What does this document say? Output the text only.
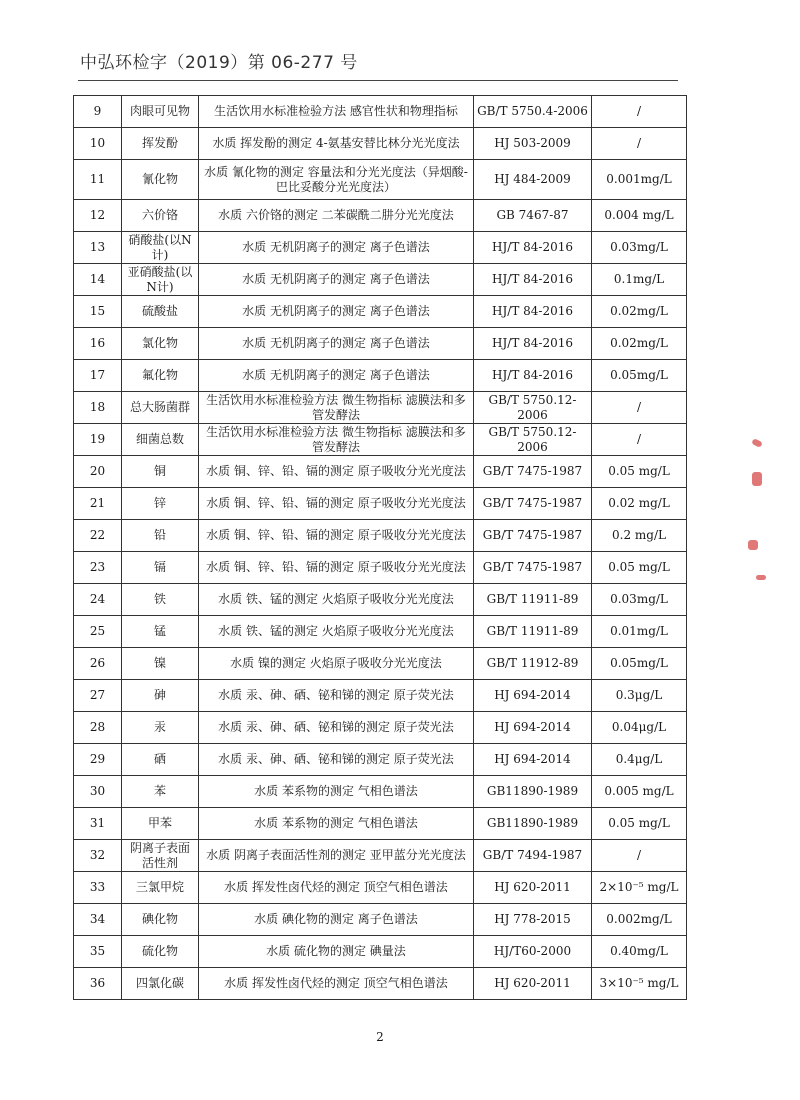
中弘环检字（2019）第 06-277 号
9	肉眼可见物	生活饮用水标准检验方法 感官性状和物理指标	GB/T 5750.4-2006	/
10	挥发酚	水质 挥发酚的测定 4-氨基安替比林分光光度法	HJ 503-2009	/
11	氰化物	水质 氰化物的测定 容量法和分光光度法（异烟酸-巴比妥酸分光光度法）	HJ 484-2009	0.001mg/L
12	六价铬	水质 六价铬的测定 二苯碳酰二肼分光光度法	GB 7467-87	0.004 mg/L
13	硝酸盐(以N计)	水质 无机阴离子的测定 离子色谱法	HJ/T 84-2016	0.03mg/L
14	亚硝酸盐(以N计)	水质 无机阴离子的测定 离子色谱法	HJ/T 84-2016	0.1mg/L
15	硫酸盐	水质 无机阴离子的测定 离子色谱法	HJ/T 84-2016	0.02mg/L
16	氯化物	水质 无机阴离子的测定 离子色谱法	HJ/T 84-2016	0.02mg/L
17	氟化物	水质 无机阴离子的测定 离子色谱法	HJ/T 84-2016	0.05mg/L
18	总大肠菌群	生活饮用水标准检验方法 微生物指标 滤膜法和多管发酵法	GB/T 5750.12-2006	/
19	细菌总数	生活饮用水标准检验方法 微生物指标 滤膜法和多管发酵法	GB/T 5750.12-2006	/
20	铜	水质 铜、锌、铅、镉的测定 原子吸收分光光度法	GB/T 7475-1987	0.05 mg/L
21	锌	水质 铜、锌、铅、镉的测定 原子吸收分光光度法	GB/T 7475-1987	0.02 mg/L
22	铅	水质 铜、锌、铅、镉的测定 原子吸收分光光度法	GB/T 7475-1987	0.2 mg/L
23	镉	水质 铜、锌、铅、镉的测定 原子吸收分光光度法	GB/T 7475-1987	0.05 mg/L
24	铁	水质 铁、锰的测定 火焰原子吸收分光光度法	GB/T 11911-89	0.03mg/L
25	锰	水质 铁、锰的测定 火焰原子吸收分光光度法	GB/T 11911-89	0.01mg/L
26	镍	水质 镍的测定 火焰原子吸收分光光度法	GB/T 11912-89	0.05mg/L
27	砷	水质 汞、砷、硒、铋和锑的测定 原子荧光法	HJ 694-2014	0.3μg/L
28	汞	水质 汞、砷、硒、铋和锑的测定 原子荧光法	HJ 694-2014	0.04μg/L
29	硒	水质 汞、砷、硒、铋和锑的测定 原子荧光法	HJ 694-2014	0.4μg/L
30	苯	水质 苯系物的测定 气相色谱法	GB11890-1989	0.005 mg/L
31	甲苯	水质 苯系物的测定 气相色谱法	GB11890-1989	0.05 mg/L
32	阴离子表面活性剂	水质 阴离子表面活性剂的测定 亚甲蓝分光光度法	GB/T 7494-1987	/
33	三氯甲烷	水质 挥发性卤代烃的测定 顶空气相色谱法	HJ 620-2011	2×10⁻⁵ mg/L
34	碘化物	水质 碘化物的测定 离子色谱法	HJ 778-2015	0.002mg/L
35	硫化物	水质 硫化物的测定 碘量法	HJ/T60-2000	0.40mg/L
36	四氯化碳	水质 挥发性卤代烃的测定 顶空气相色谱法	HJ 620-2011	3×10⁻⁵ mg/L
2
